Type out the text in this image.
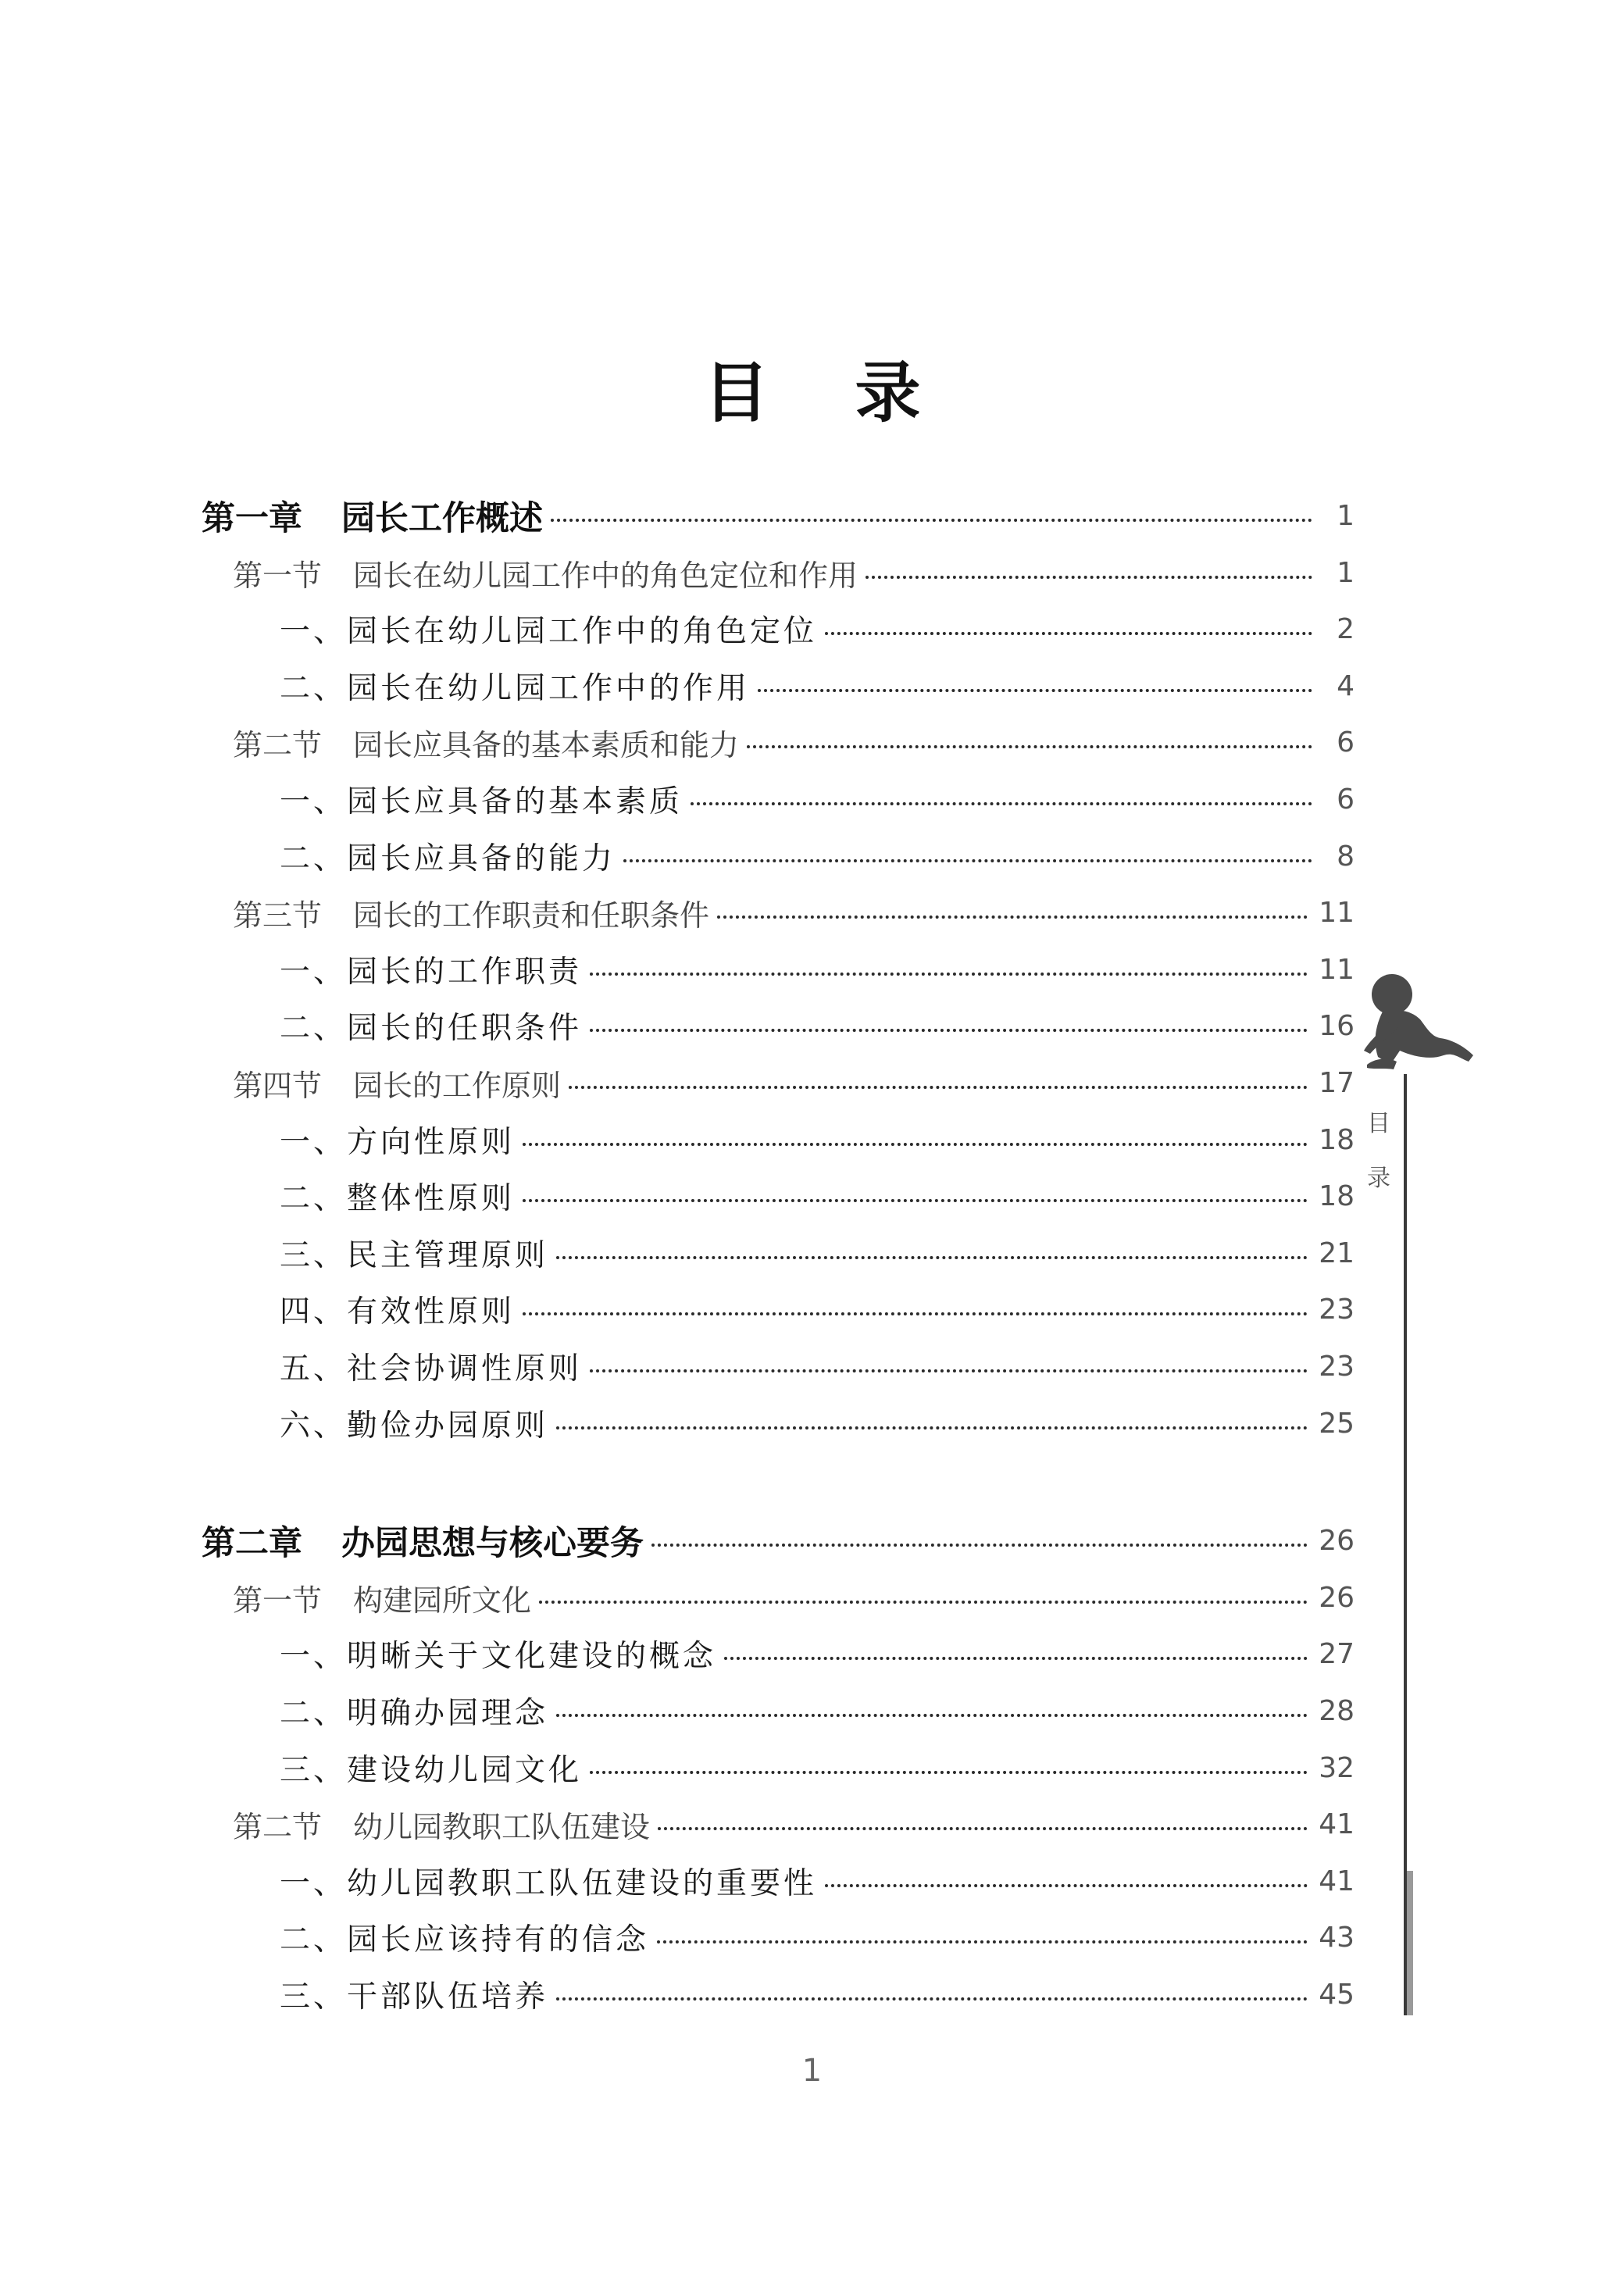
目录
第一章 园长工作概述	1
第一节 园长在幼儿园工作中的角色定位和作用	1
一、园长在幼儿园工作中的角色定位	2
二、园长在幼儿园工作中的作用	4
第二节 园长应具备的基本素质和能力	6
一、园长应具备的基本素质	6
二、园长应具备的能力	8
第三节 园长的工作职责和任职条件	11
一、园长的工作职责	11
二、园长的任职条件	16
第四节 园长的工作原则	17
一、方向性原则	18
二、整体性原则	18
三、民主管理原则	21
四、有效性原则	23
五、社会协调性原则	23
六、勤俭办园原则	25
第二章 办园思想与核心要务	26
第一节 构建园所文化	26
一、明晰关于文化建设的概念	27
二、明确办园理念	28
三、建设幼儿园文化	32
第二节 幼儿园教职工队伍建设	41
一、幼儿园教职工队伍建设的重要性	41
二、园长应该持有的信念	43
三、干部队伍培养	45
目
录
1
